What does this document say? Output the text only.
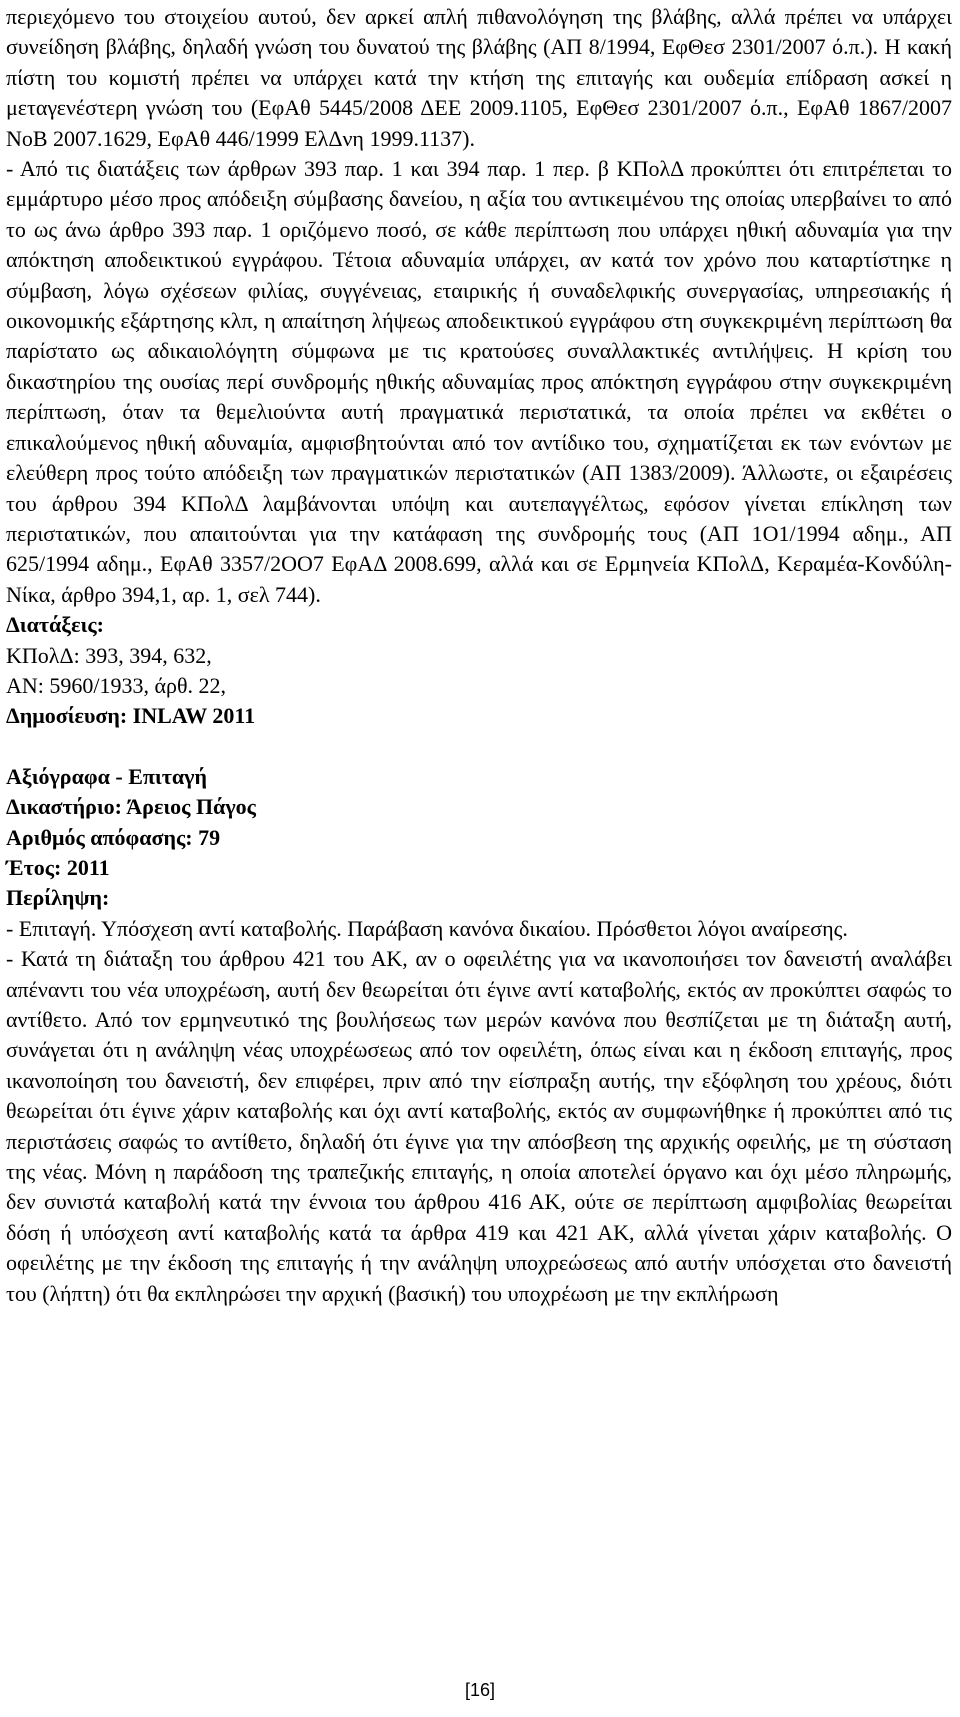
περιεχόμενο του στοιχείου αυτού, δεν αρκεί απλή πιθανολόγηση της βλάβης, αλλά πρέπει να υπάρχει συνείδηση βλάβης, δηλαδή γνώση του δυνατού της βλάβης (ΑΠ 8/1994, ΕφΘεσ 2301/2007 ό.π.). Η κακή πίστη του κομιστή πρέπει να υπάρχει κατά την κτήση της επιταγής και ουδεμία επίδραση ασκεί η μεταγενέστερη γνώση του (ΕφΑθ 5445/2008 ΔΕΕ 2009.1105, ΕφΘεσ 2301/2007 ό.π., ΕφΑθ 1867/2007 ΝοΒ 2007.1629, ΕφΑθ 446/1999 ΕλΔνη 1999.1137).

- Από τις διατάξεις των άρθρων 393 παρ. 1 και 394 παρ. 1 περ. β ΚΠολΔ προκύπτει ότι επιτρέπεται το εμμάρτυρο μέσο προς απόδειξη σύμβασης δανείου, η αξία του αντικειμένου της οποίας υπερβαίνει το από το ως άνω άρθρο 393 παρ. 1 οριζόμενο ποσό, σε κάθε περίπτωση που υπάρχει ηθική αδυναμία για την απόκτηση αποδεικτικού εγγράφου. Τέτοια αδυναμία υπάρχει, αν κατά τον χρόνο που καταρτίστηκε η σύμβαση, λόγω σχέσεων φιλίας, συγγένειας, εταιρικής ή συναδελφικής συνεργασίας, υπηρεσιακής ή οικονομικής εξάρτησης κλπ, η απαίτηση λήψεως αποδεικτικού εγγράφου στη συγκεκριμένη περίπτωση θα παρίστατο ως αδικαιολόγητη σύμφωνα με τις κρατούσες συναλλακτικές αντιλήψεις. Η κρίση του δικαστηρίου της ουσίας περί συνδρομής ηθικής αδυναμίας προς απόκτηση εγγράφου στην συγκεκριμένη περίπτωση, όταν τα θεμελιούντα αυτή πραγματικά περιστατικά, τα οποία πρέπει να εκθέτει ο επικαλούμενος ηθική αδυναμία, αμφισβητούνται από τον αντίδικο του, σχηματίζεται εκ των ενόντων με ελεύθερη προς τούτο απόδειξη των πραγματικών περιστατικών (ΑΠ 1383/2009). Άλλωστε, οι εξαιρέσεις του άρθρου 394 ΚΠολΔ λαμβάνονται υπόψη και αυτεπαγγέλτως, εφόσον γίνεται επίκληση των περιστατικών, που απαιτούνται για την κατάφαση της συνδρομής τους (ΑΠ 1Ο1/1994 αδημ., ΑΠ 625/1994 αδημ., ΕφΑθ 3357/2ΟΟ7 ΕφΑΔ 2008.699, αλλά και σε Ερμηνεία ΚΠολΔ, Κεραμέα-Κονδύλη-Νίκα, άρθρο 394,1, αρ. 1, σελ 744).

Διατάξεις:
ΚΠολΔ: 393, 394, 632,
ΑΝ: 5960/1933, άρθ. 22,
Δημοσίευση: INLAW 2011
Αξιόγραφα - Επιταγή
Δικαστήριο: Άρειος Πάγος
Αριθμός απόφασης: 79
Έτος: 2011
Περίληψη:

- Επιταγή. Υπόσχεση αντί καταβολής. Παράβαση κανόνα δικαίου. Πρόσθετοι λόγοι αναίρεσης.

- Κατά τη διάταξη του άρθρου 421 του ΑΚ, αν ο οφειλέτης για να ικανοποιήσει τον δανειστή αναλάβει απέναντι του νέα υποχρέωση, αυτή δεν θεωρείται ότι έγινε αντί καταβολής, εκτός αν προκύπτει σαφώς το αντίθετο. Από τον ερμηνευτικό της βουλήσεως των μερών κανόνα που θεσπίζεται με τη διάταξη αυτή, συνάγεται ότι η ανάληψη νέας υποχρέωσεως από τον οφειλέτη, όπως είναι και η έκδοση επιταγής, προς ικανοποίηση του δανειστή, δεν επιφέρει, πριν από την είσπραξη αυτής, την εξόφληση του χρέους, διότι θεωρείται ότι έγινε χάριν καταβολής και όχι αντί καταβολής, εκτός αν συμφωνήθηκε ή προκύπτει από τις περιστάσεις σαφώς το αντίθετο, δηλαδή ότι έγινε για την απόσβεση της αρχικής οφειλής, με τη σύσταση της νέας. Μόνη η παράδοση της τραπεζικής επιταγής, η οποία αποτελεί όργανο και όχι μέσο πληρωμής, δεν συνιστά καταβολή κατά την έννοια του άρθρου 416 ΑΚ, ούτε σε περίπτωση αμφιβολίας θεωρείται δόση ή υπόσχεση αντί καταβολής κατά τα άρθρα 419 και 421 ΑΚ, αλλά γίνεται χάριν καταβολής. Ο οφειλέτης με την έκδοση της επιταγής ή την ανάληψη υποχρεώσεως από αυτήν υπόσχεται στο δανειστή του (λήπτη) ότι θα εκπληρώσει την αρχική (βασική) του υποχρέωση με την εκπλήρωση

[16]
